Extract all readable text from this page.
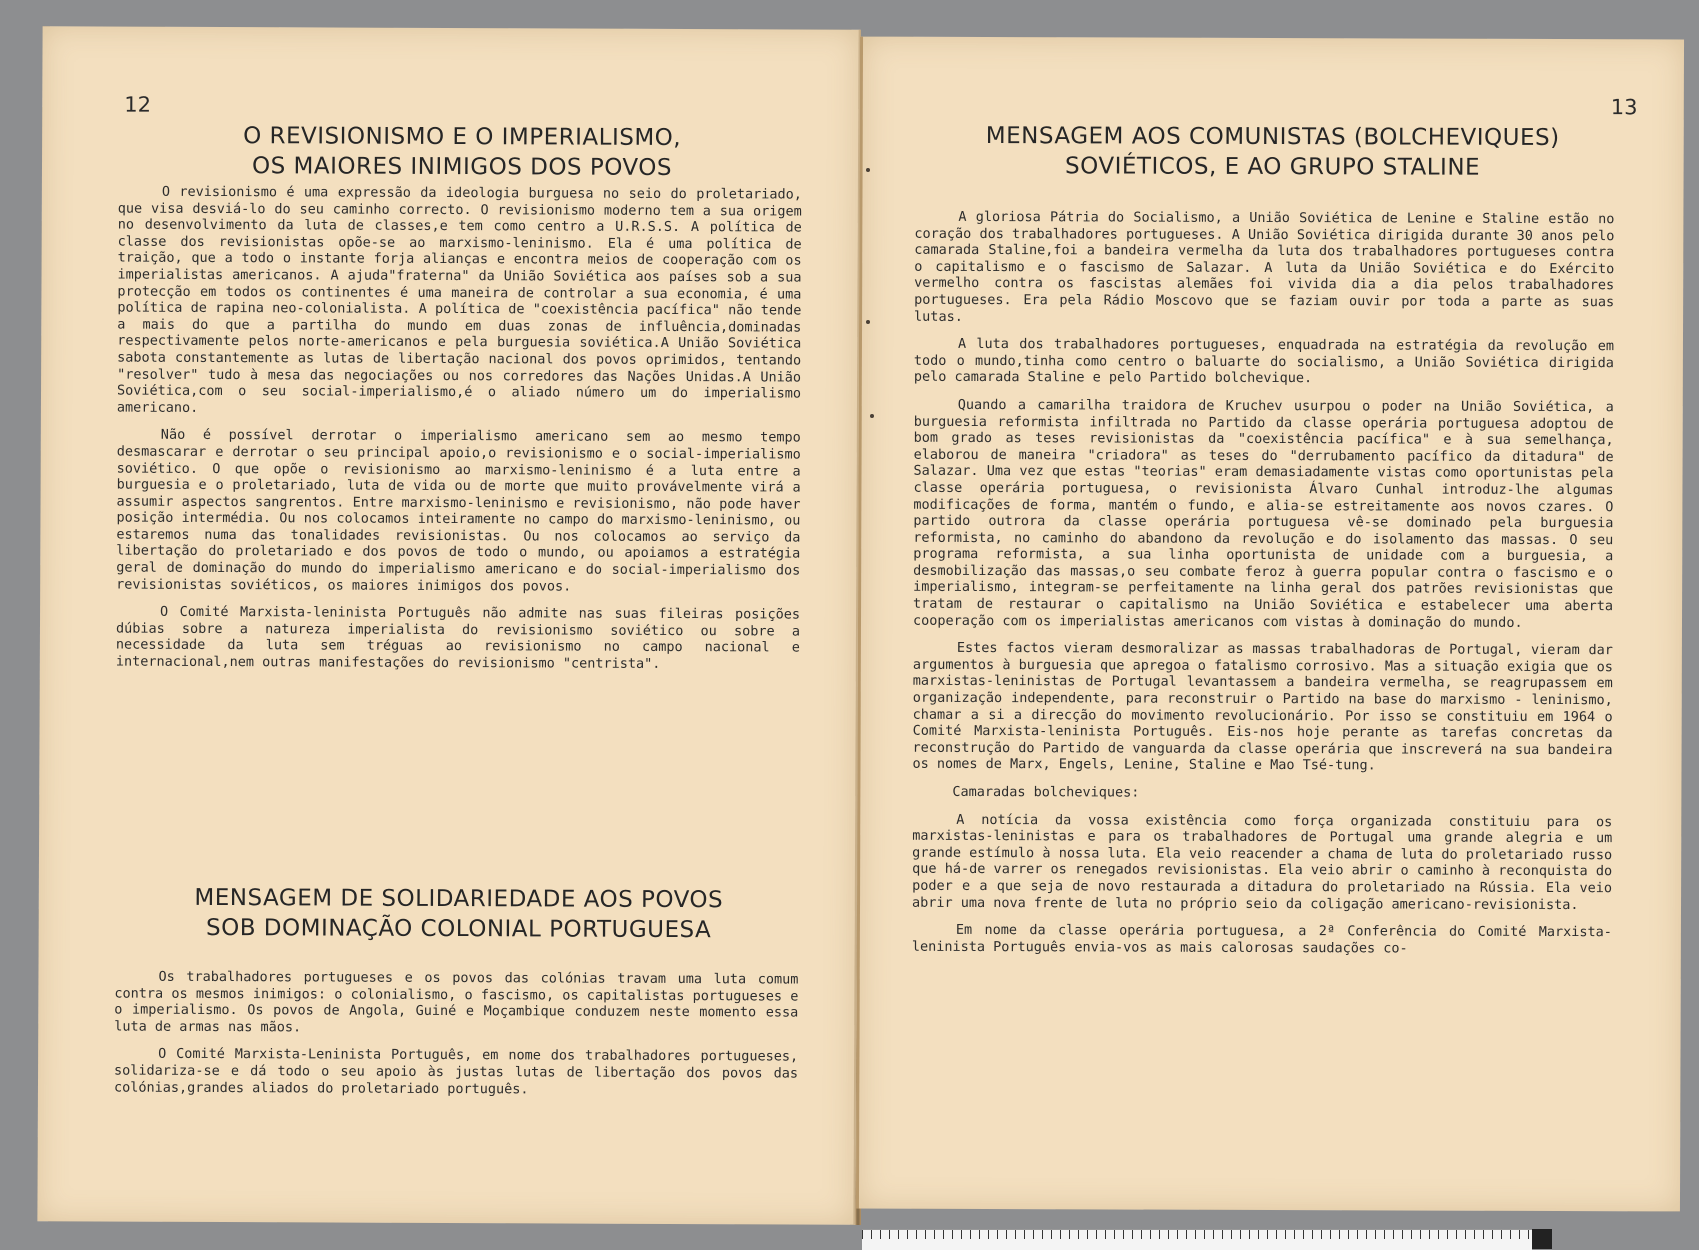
12
O REVISIONISMO E O IMPERIALISMO,
OS MAIORES INIMIGOS DOS POVOS

O revisionismo é uma expressão da ideologia burguesa no seio do proletariado, que visa desviá-lo do seu caminho correcto. O revisionismo moderno tem a sua origem no desenvolvimento da luta de classes,e tem como centro a U.R.S.S. A política de classe dos revisionistas opõe-se ao marxismo-leninismo. Ela é uma política de traição, que a todo o instante forja alianças e encontra meios de cooperação com os imperialistas americanos. A ajuda"fraterna" da União Soviética aos países sob a sua protecção em todos os continentes é uma maneira de controlar a sua economia, é uma política de rapina neo-colonialista. A política de "coexistência pacífica" não tende a mais do que a partilha do mundo em duas zonas de influência,dominadas respectivamente pelos norte-americanos e pela burguesia soviética.A União Soviética sabota constantemente as lutas de libertação nacional dos povos oprimidos, tentando "resolver" tudo à mesa das negociações ou nos corredores das Nações Unidas.A União Soviética,com o seu social-imperialismo,é o aliado número um do imperialismo americano.

Não é possível derrotar o imperialismo americano sem ao mesmo tempo desmascarar e derrotar o seu principal apoio,o revisionismo e o social-imperialismo soviético. O que opõe o revisionismo ao marxismo-leninismo é a luta entre a burguesia e o proletariado, luta de vida ou de morte que muito provávelmente virá a assumir aspectos sangrentos. Entre marxismo-leninismo e revisionismo, não pode haver posição intermédia. Ou nos colocamos inteiramente no campo do marxismo-leninismo, ou estaremos numa das tonalidades revisionistas. Ou nos colocamos ao serviço da libertação do proletariado e dos povos de todo o mundo, ou apoiamos a estratégia geral de dominação do mundo do imperialismo americano e do social-imperialismo dos revisionistas soviéticos, os maiores inimigos dos povos.

O Comité Marxista-leninista Português não admite nas suas fileiras posições dúbias sobre a natureza imperialista do revisionismo soviético ou sobre a necessidade da luta sem tréguas ao revisionismo no campo nacional e internacional,nem outras manifestações do revisionismo "centrista".

MENSAGEM DE SOLIDARIEDADE AOS POVOS
SOB DOMINAÇÃO COLONIAL PORTUGUESA

Os trabalhadores portugueses e os povos das colónias travam uma luta comum contra os mesmos inimigos: o colonialismo, o fascismo, os capitalistas portugueses e o imperialismo. Os povos de Angola, Guiné e Moçambique conduzem neste momento essa luta de armas nas mãos.

O Comité Marxista-Leninista Português, em nome dos trabalhadores portugueses, solidariza-se e dá todo o seu apoio às justas lutas de libertação dos povos das colónias,grandes aliados do proletariado português.

13
MENSAGEM AOS COMUNISTAS (BOLCHEVIQUES)
SOVIÉTICOS, E AO GRUPO STALINE

A gloriosa Pátria do Socialismo, a União Soviética de Lenine e Staline estão no coração dos trabalhadores portugueses. A União Soviética dirigida durante 30 anos pelo camarada Staline,foi a bandeira vermelha da luta dos trabalhadores portugueses contra o capitalismo e o fascismo de Salazar. A luta da União Soviética e do Exército vermelho contra os fascistas alemães foi vivida dia a dia pelos trabalhadores portugueses. Era pela Rádio Moscovo que se faziam ouvir por toda a parte as suas lutas.

A luta dos trabalhadores portugueses, enquadrada na estratégia da revolução em todo o mundo,tinha como centro o baluarte do socialismo, a União Soviética dirigida pelo camarada Staline e pelo Partido bolchevique.

Quando a camarilha traidora de Kruchev usurpou o poder na União Soviética, a burguesia reformista infiltrada no Partido da classe operária portuguesa adoptou de bom grado as teses revisionistas da "coexistência pacífica" e à sua semelhança, elaborou de maneira "criadora" as teses do "derrubamento pacífico da ditadura" de Salazar. Uma vez que estas "teorias" eram demasiadamente vistas como oportunistas pela classe operária portuguesa, o revisionista Álvaro Cunhal introduz-lhe algumas modificações de forma, mantém o fundo, e alia-se estreitamente aos novos czares. O partido outrora da classe operária portuguesa vê-se dominado pela burguesia reformista, no caminho do abandono da revolução e do isolamento das massas. O seu programa reformista, a sua linha oportunista de unidade com a burguesia, a desmobilização das massas,o seu combate feroz à guerra popular contra o fascismo e o imperialismo, integram-se perfeitamente na linha geral dos patrões revisionistas que tratam de restaurar o capitalismo na União Soviética e estabelecer uma aberta cooperação com os imperialistas americanos com vistas à dominação do mundo.

Estes factos vieram desmoralizar as massas trabalhadoras de Portugal, vieram dar argumentos à burguesia que apregoa o fatalismo corrosivo. Mas a situação exigia que os marxistas-leninistas de Portugal levantassem a bandeira vermelha, se reagrupassem em organização independente, para reconstruir o Partido na base do marxismo - leninismo, chamar a si a direcção do movimento revolucionário. Por isso se constituiu em 1964 o Comité Marxista-leninista Português. Eis-nos hoje perante as tarefas concretas da reconstrução do Partido de vanguarda da classe operária que inscreverá na sua bandeira os nomes de Marx, Engels, Lenine, Staline e Mao Tsé-tung.

Camaradas bolcheviques:

A notícia da vossa existência como força organizada constituiu para os marxistas-leninistas e para os trabalhadores de Portugal uma grande alegria e um grande estímulo à nossa luta. Ela veio reacender a chama de luta do proletariado russo que há-de varrer os renegados revisionistas. Ela veio abrir o caminho à reconquista do poder e a que seja de novo restaurada a ditadura do proletariado na Rússia. Ela veio abrir uma nova frente de luta no próprio seio da coligação americano-revisionista.

Em nome da classe operária portuguesa, a 2ª Conferência do Comité Marxista-leninista Português envia-vos as mais calorosas saudações co-
